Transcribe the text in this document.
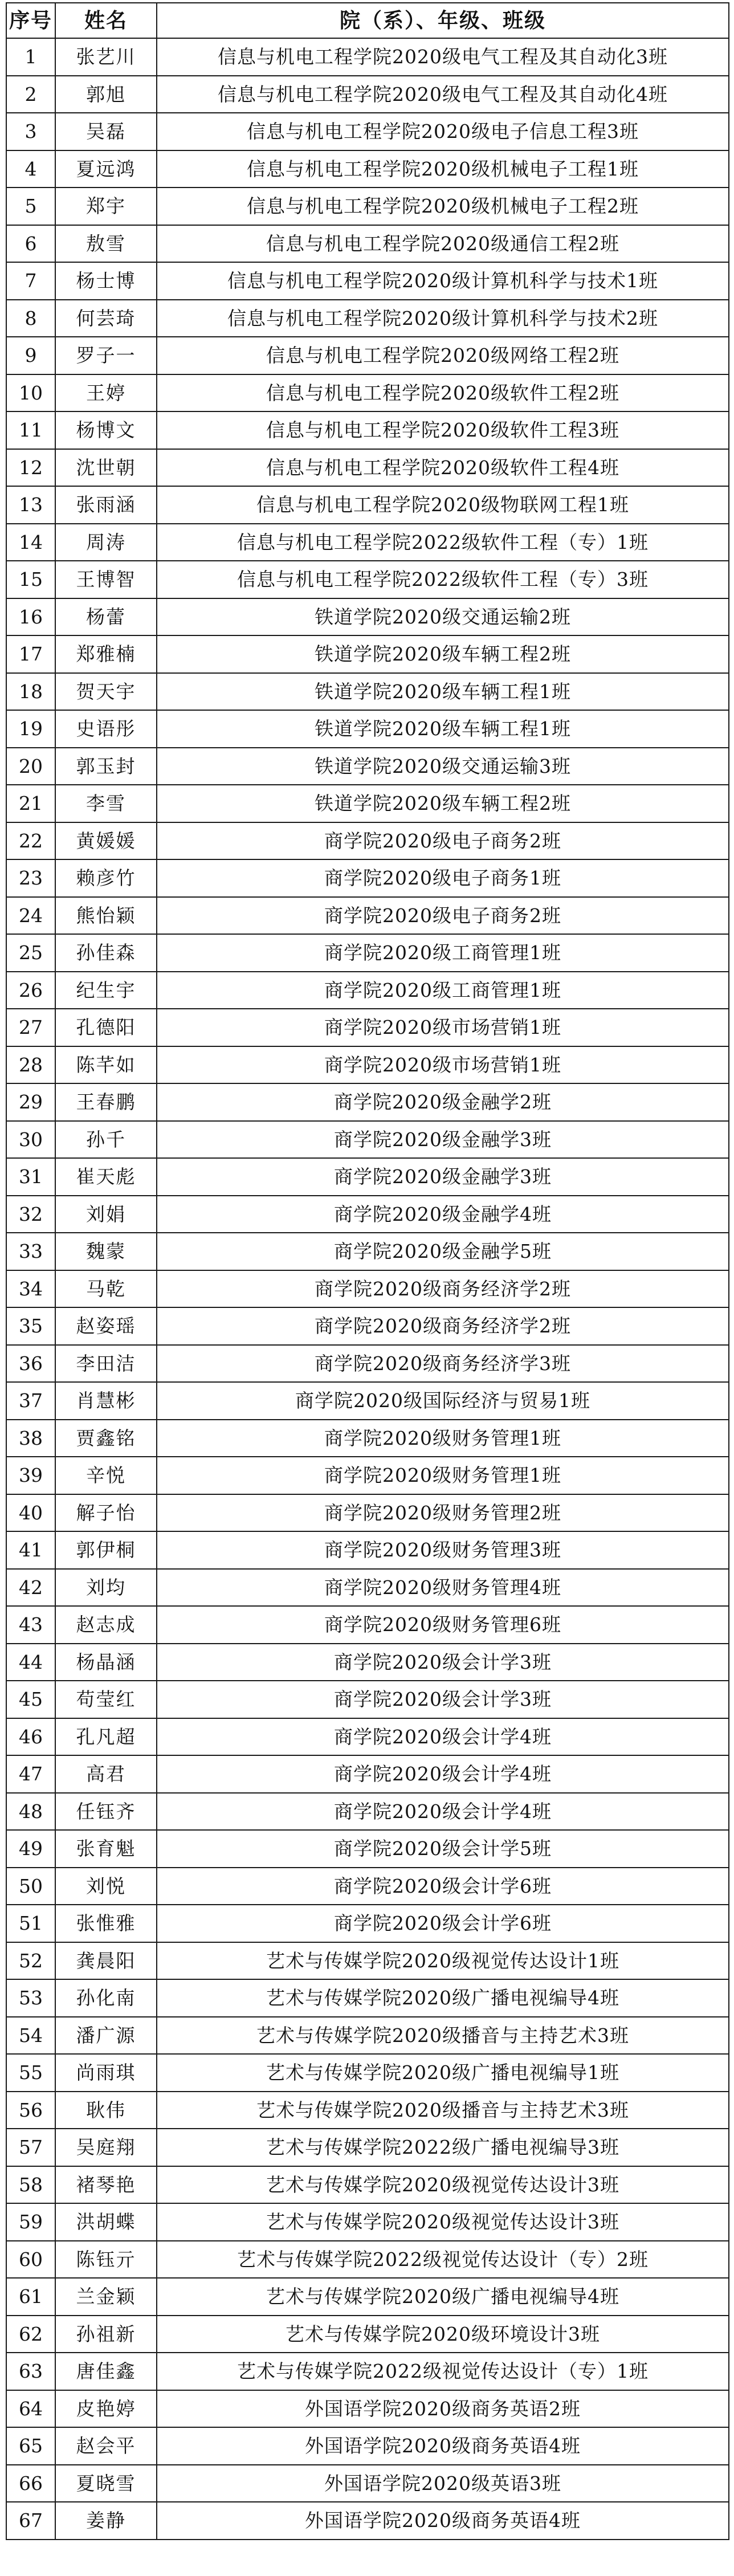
序号	姓名	院（系）、年级、班级
1	张艺川	信息与机电工程学院2020级电气工程及其自动化3班
2	郭旭	信息与机电工程学院2020级电气工程及其自动化4班
3	吴磊	信息与机电工程学院2020级电子信息工程3班
4	夏远鸿	信息与机电工程学院2020级机械电子工程1班
5	郑宇	信息与机电工程学院2020级机械电子工程2班
6	敖雪	信息与机电工程学院2020级通信工程2班
7	杨士博	信息与机电工程学院2020级计算机科学与技术1班
8	何芸琦	信息与机电工程学院2020级计算机科学与技术2班
9	罗子一	信息与机电工程学院2020级网络工程2班
10	王婷	信息与机电工程学院2020级软件工程2班
11	杨博文	信息与机电工程学院2020级软件工程3班
12	沈世朝	信息与机电工程学院2020级软件工程4班
13	张雨涵	信息与机电工程学院2020级物联网工程1班
14	周涛	信息与机电工程学院2022级软件工程（专）1班
15	王博智	信息与机电工程学院2022级软件工程（专）3班
16	杨蕾	铁道学院2020级交通运输2班
17	郑雅楠	铁道学院2020级车辆工程2班
18	贺天宇	铁道学院2020级车辆工程1班
19	史语彤	铁道学院2020级车辆工程1班
20	郭玉封	铁道学院2020级交通运输3班
21	李雪	铁道学院2020级车辆工程2班
22	黄媛媛	商学院2020级电子商务2班
23	赖彦竹	商学院2020级电子商务1班
24	熊怡颖	商学院2020级电子商务2班
25	孙佳森	商学院2020级工商管理1班
26	纪生宇	商学院2020级工商管理1班
27	孔德阳	商学院2020级市场营销1班
28	陈芊如	商学院2020级市场营销1班
29	王春鹏	商学院2020级金融学2班
30	孙千	商学院2020级金融学3班
31	崔天彪	商学院2020级金融学3班
32	刘娟	商学院2020级金融学4班
33	魏蒙	商学院2020级金融学5班
34	马乾	商学院2020级商务经济学2班
35	赵姿瑶	商学院2020级商务经济学2班
36	李田洁	商学院2020级商务经济学3班
37	肖慧彬	商学院2020级国际经济与贸易1班
38	贾鑫铭	商学院2020级财务管理1班
39	辛悦	商学院2020级财务管理1班
40	解子怡	商学院2020级财务管理2班
41	郭伊桐	商学院2020级财务管理3班
42	刘均	商学院2020级财务管理4班
43	赵志成	商学院2020级财务管理6班
44	杨晶涵	商学院2020级会计学3班
45	苟莹红	商学院2020级会计学3班
46	孔凡超	商学院2020级会计学4班
47	高君	商学院2020级会计学4班
48	任钰齐	商学院2020级会计学4班
49	张育魁	商学院2020级会计学5班
50	刘悦	商学院2020级会计学6班
51	张惟雅	商学院2020级会计学6班
52	龚晨阳	艺术与传媒学院2020级视觉传达设计1班
53	孙化南	艺术与传媒学院2020级广播电视编导4班
54	潘广源	艺术与传媒学院2020级播音与主持艺术3班
55	尚雨琪	艺术与传媒学院2020级广播电视编导1班
56	耿伟	艺术与传媒学院2020级播音与主持艺术3班
57	吴庭翔	艺术与传媒学院2022级广播电视编导3班
58	褚琴艳	艺术与传媒学院2020级视觉传达设计3班
59	洪胡蝶	艺术与传媒学院2020级视觉传达设计3班
60	陈钰亓	艺术与传媒学院2022级视觉传达设计（专）2班
61	兰金颖	艺术与传媒学院2020级广播电视编导4班
62	孙祖新	艺术与传媒学院2020级环境设计3班
63	唐佳鑫	艺术与传媒学院2022级视觉传达设计（专）1班
64	皮艳婷	外国语学院2020级商务英语2班
65	赵会平	外国语学院2020级商务英语4班
66	夏晓雪	外国语学院2020级英语3班
67	姜静	外国语学院2020级商务英语4班
